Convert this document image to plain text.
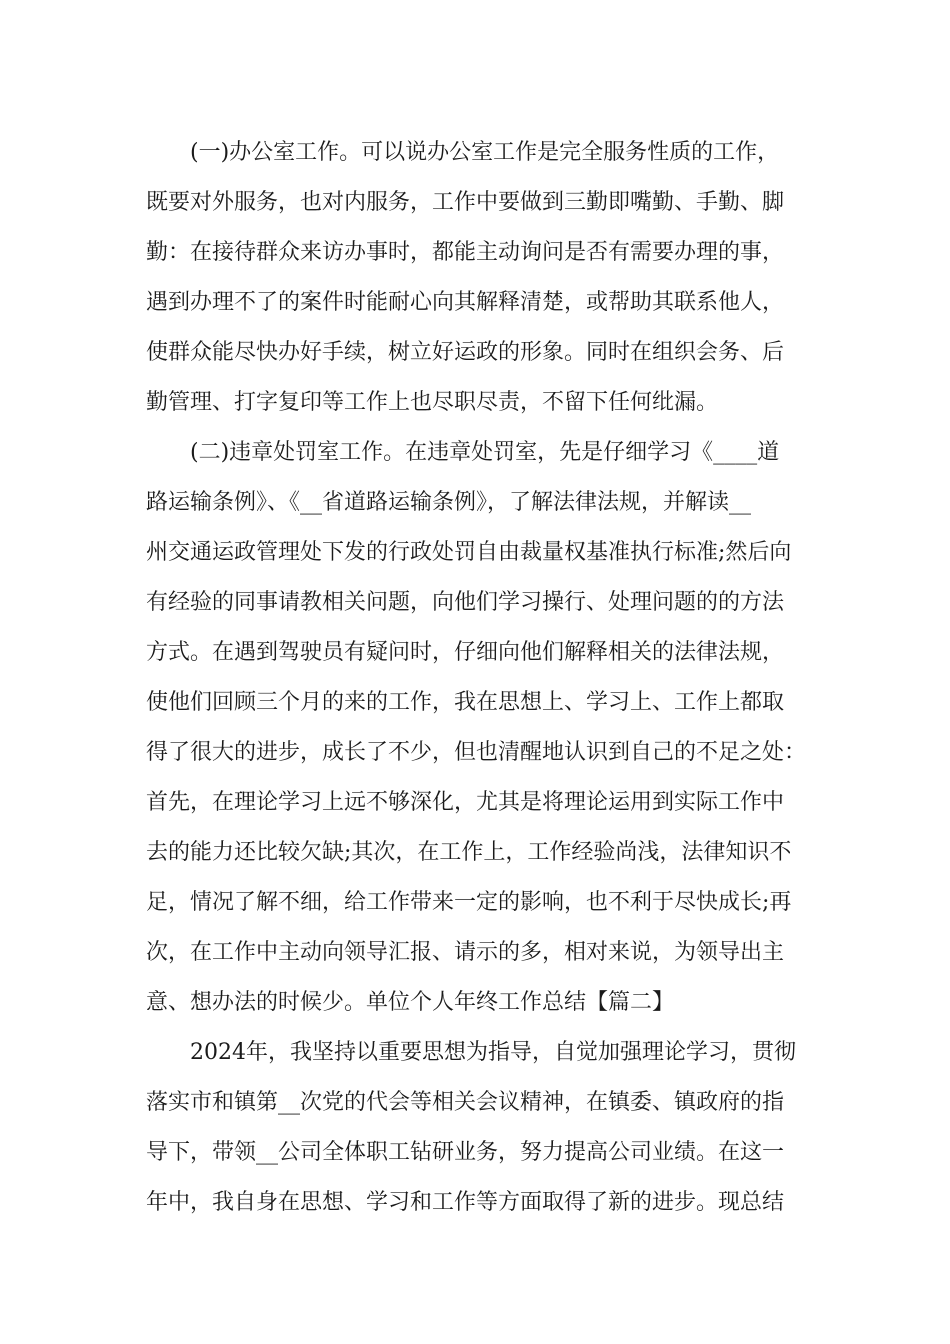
(一)办公室工作。可以说办公室工作是完全服务性质的工作，
既要对外服务，也对内服务，工作中要做到三勤即嘴勤、手勤、脚
勤：在接待群众来访办事时，都能主动询问是否有需要办理的事，
遇到办理不了的案件时能耐心向其解释清楚，或帮助其联系他人，
使群众能尽快办好手续，树立好运政的形象。同时在组织会务、后
勤管理、打字复印等工作上也尽职尽责，不留下任何纰漏。
(二)违章处罚室工作。在违章处罚室，先是仔细学习《____道
路运输条例》、《__省道路运输条例》，了解法律法规，并解读__
州交通运政管理处下发的行政处罚自由裁量权基准执行标准;然后向
有经验的同事请教相关问题，向他们学习操行、处理问题的的方法
方式。在遇到驾驶员有疑问时，仔细向他们解释相关的法律法规，
使他们回顾三个月的来的工作，我在思想上、学习上、工作上都取
得了很大的进步，成长了不少，但也清醒地认识到自己的不足之处：
首先，在理论学习上远不够深化，尤其是将理论运用到实际工作中
去的能力还比较欠缺;其次，在工作上，工作经验尚浅，法律知识不
足，情况了解不细，给工作带来一定的影响，也不利于尽快成长;再
次，在工作中主动向领导汇报、请示的多，相对来说，为领导出主
意、想办法的时候少。单位个人年终工作总结【篇二】
2024年，我坚持以重要思想为指导，自觉加强理论学习，贯彻
落实市和镇第__次党的代会等相关会议精神，在镇委、镇政府的指
导下，带领__公司全体职工钻研业务，努力提高公司业绩。在这一
年中，我自身在思想、学习和工作等方面取得了新的进步。现总结
